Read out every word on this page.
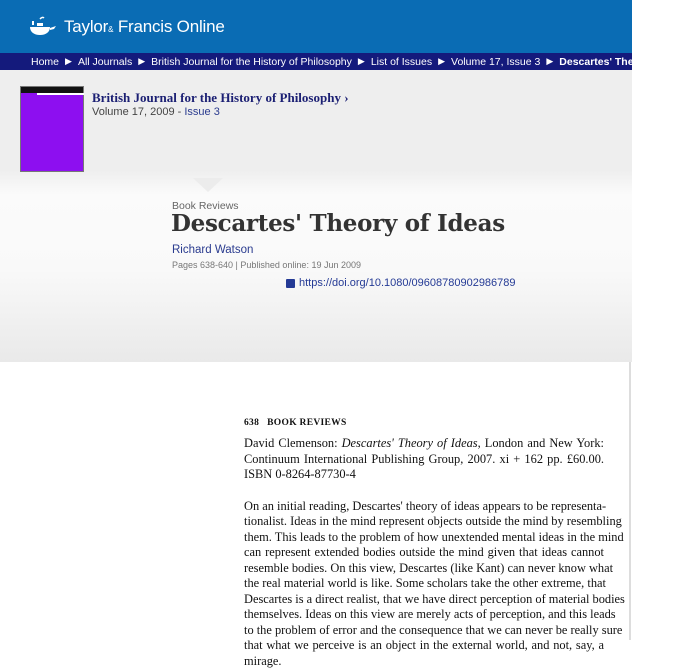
Taylor& Francis Online
Home ▶ All Journals ▶ British Journal for the History of Philosophy ▶ List of Issues ▶ Volume 17, Issue 3 ▶ Descartes' Theory of Ideas
British Journal for the History of Philosophy ›
Volume 17, 2009 - Issue 3
Book Reviews
Descartes' Theory of Ideas
Richard Watson
Pages 638-640 | Published online: 19 Jun 2009
https://doi.org/10.1080/09608780902986789
638   BOOK REVIEWS
David Clemenson: Descartes' Theory of Ideas, London and New York:
Continuum International Publishing Group, 2007. xi + 162 pp. £60.00.
ISBN 0-8264-87730-4
On an initial reading, Descartes' theory of ideas appears to be representa-
tionalist. Ideas in the mind represent objects outside the mind by resembling
them. This leads to the problem of how unextended mental ideas in the mind
can represent extended bodies outside the mind given that ideas cannot
resemble bodies. On this view, Descartes (like Kant) can never know what
the real material world is like. Some scholars take the other extreme, that
Descartes is a direct realist, that we have direct perception of material bodies
themselves. Ideas on this view are merely acts of perception, and this leads
to the problem of error and the consequence that we can never be really sure
that what we perceive is an object in the external world, and not, say, a
mirage.
